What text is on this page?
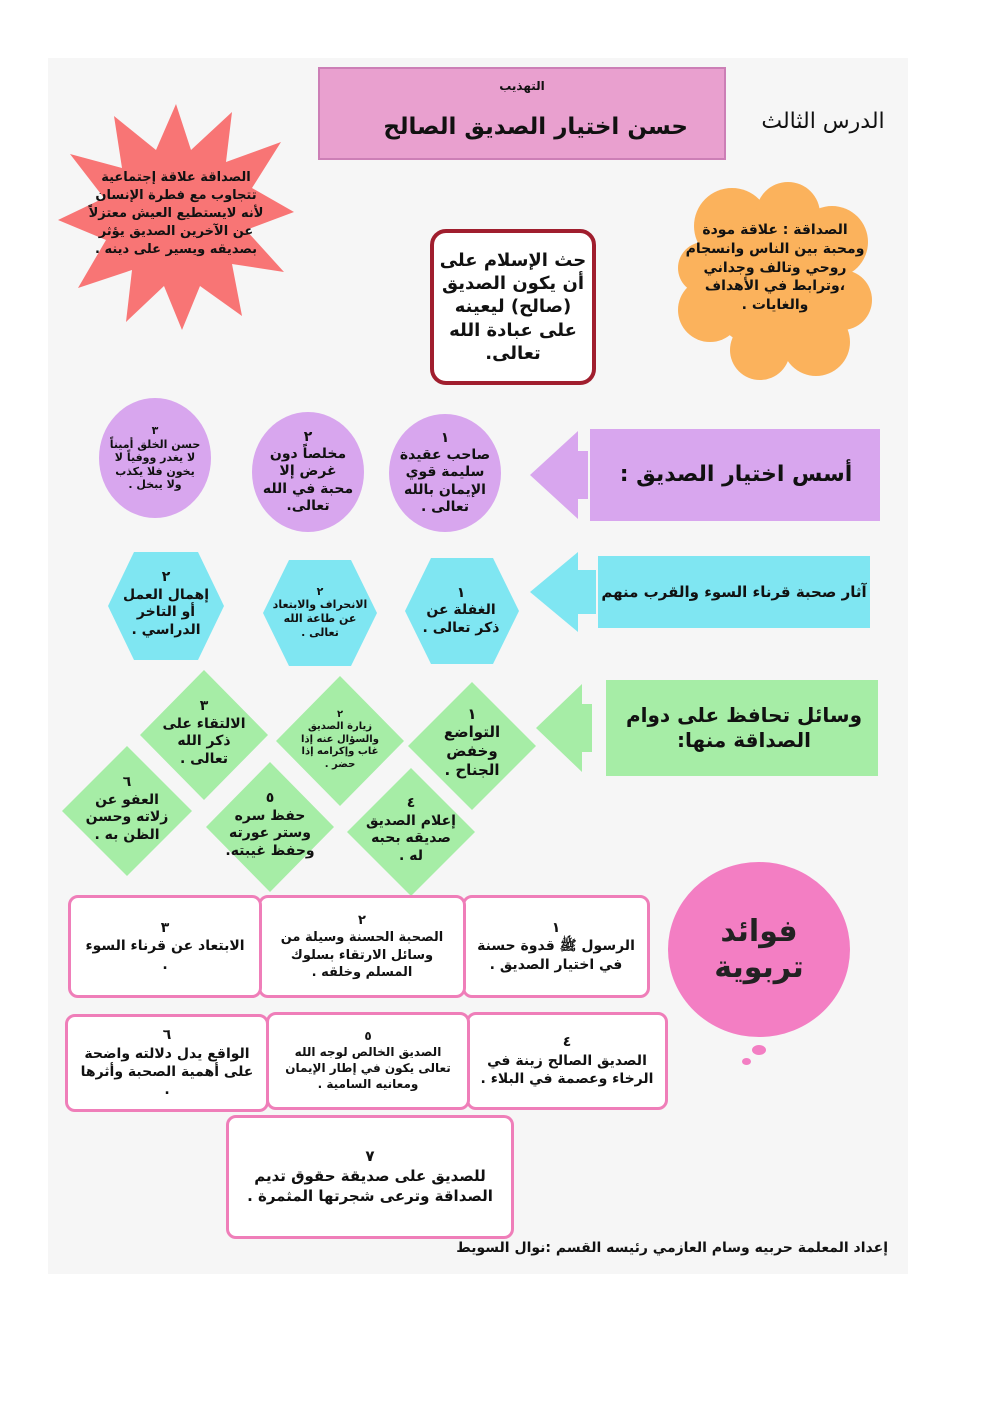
التهذيب
حسن اختيار الصديق الصالح	الدرس الثالث
الصداقة علاقة إجتماعية تتجاوب مع فطرة الإنسان لأنه لايستطيع العيش معتزلاً عن الآخرين الصديق يؤثر بصديقه ويسير على دينه .
الصداقة : علاقة مودة ومحبة بين الناس وانسجام روحي وتالف وجداني ،وترابط في الأهداف والغايات .
حث الإسلام على أن يكون الصديق (صالح) ليعينه على عبادة الله تعالى.
أسس اختيار الصديق :
١
صاحب عقيدة سليمة قوي الإيمان بالله تعالى .
٢
مخلصاً دون غرض إلا محبة في الله تعالى.
٣
حسن الخلق أميناً لا يغدر ووفياً لا يخون فلا يكذب ولا يبخل .
آثار صحبة قرناء السوء والقرب منهم
١
الغفلة عن ذكر تعالى .
٢
الانحراف والابتعاد عن طاعة الله تعالى .
٢
إهمال العمل أو التاخر الدراسي .
وسائل تحافظ على دوام الصداقة منها:
١
التواضع وخفض الجناح .
٢
زيارة الصديق والسؤال عنه إذا غاب وإكرامه إذا حضر .
٣
الالتقاء على ذكر الله تعالى .
٤
إعلام الصديق صديقه بحبه له .
٥
حفظ سره وستر عورته وحفظ غيبته.
٦
العفو عن زلاته وحسن الظن به .
فوائد
تربوية
١
الرسول ﷺ قدوة حسنة في اختيار الصديق .
٢
الصحبة الحسنة وسيلة من وسائل الارتقاء بسلوك المسلم وخلقه .
٣
الابتعاد عن قرناء السوء .
٤
الصديق الصالح زينة في الرخاء وعصمة في البلاء .
٥
الصديق الخالص لوجه الله تعالى يكون في إطار الإيمان ومعانيه السامية .
٦
الواقع يدل دلالته واضحة على أهمية الصحبة وأثرها .
٧
للصديق على صديقة حقوق تديم الصداقة وترعى شجرتها المثمرة .
إعداد المعلمة حربيه وسام العازمي رئيسه القسم :نوال السويط
